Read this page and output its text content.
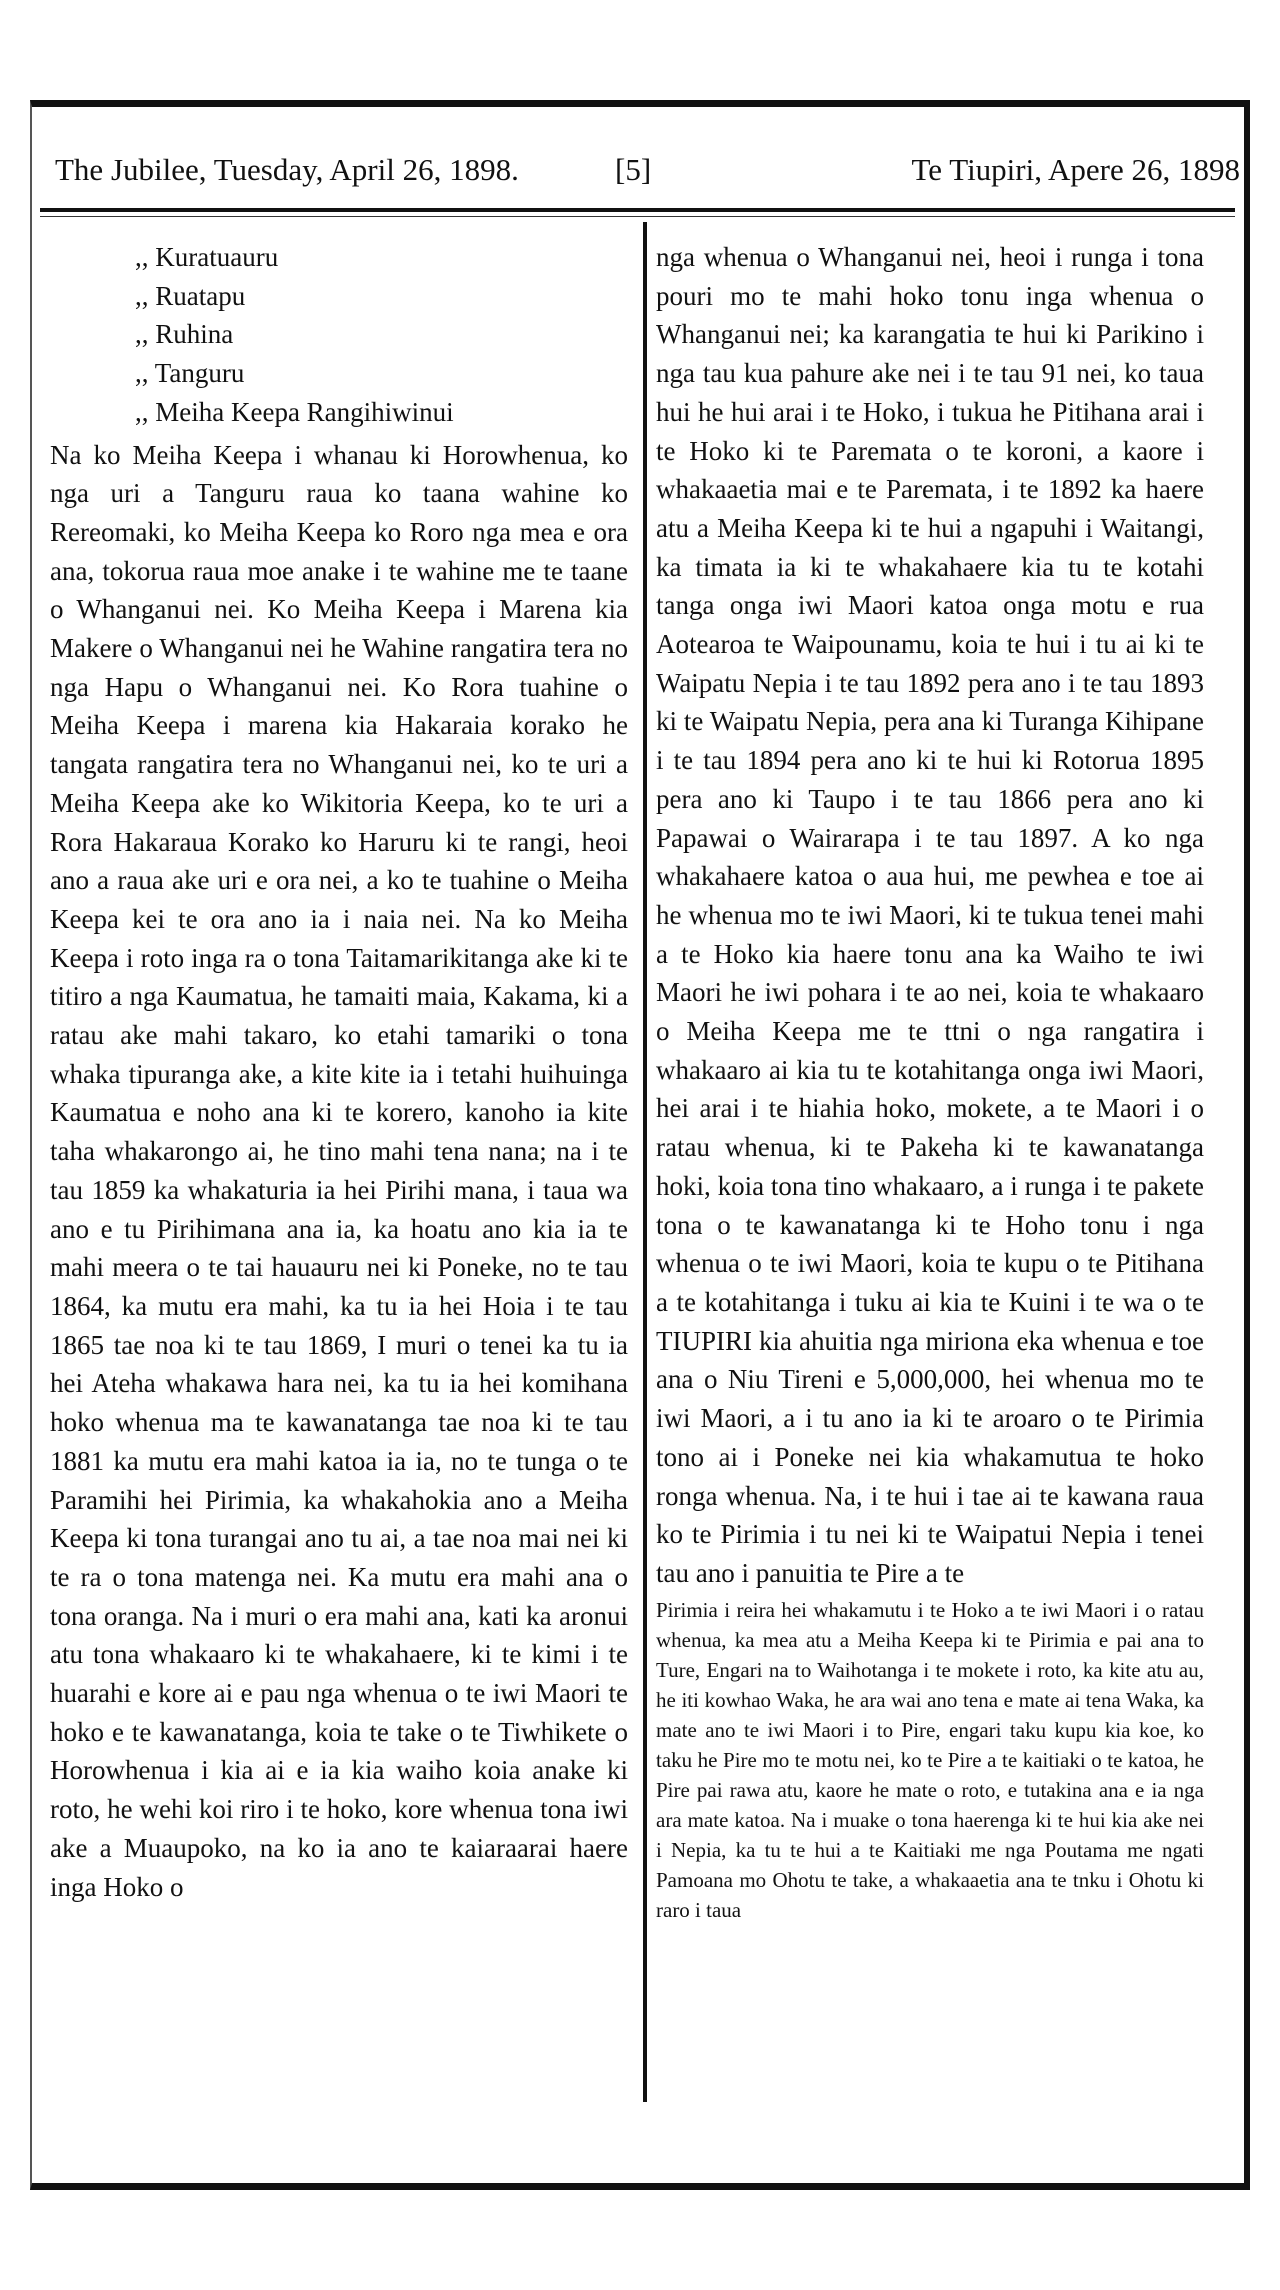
The Jubilee, Tuesday, April 26, 1898.	[5]	Te Tiupiri, Apere 26, 1898
,, Kuratuauru
,, Ruatapu
,, Ruhina
,, Tanguru
,, Meiha Keepa Rangihiwinui

Na ko Meiha Keepa i whanau ki Horowhenua, ko nga uri a Tanguru raua ko taana wahine ko Rereomaki, ko Meiha Keepa ko Roro nga mea e ora ana, tokorua raua moe anake i te wahine me te taane o Whanganui nei. Ko Meiha Keepa i Marena kia Makere o Whanganui nei he Wahine rangatira tera no nga Hapu o Whanganui nei. Ko Rora tuahine o Meiha Keepa i marena kia Hakaraia korako he tangata rangatira tera no Whanganui nei, ko te uri a Meiha Keepa ake ko Wikitoria Keepa, ko te uri a Rora Hakaraua Korako ko Haruru ki te rangi, heoi ano a raua ake uri e ora nei, a ko te tuahine o Meiha Keepa kei te ora ano ia i naia nei. Na ko Meiha Keepa i roto inga ra o tona Taitamarikitanga ake ki te titiro a nga Kaumatua, he tamaiti maia, Kakama, ki a ratau ake mahi takaro, ko etahi tamariki o tona whaka tipuranga ake, a kite kite ia i tetahi huihuinga Kaumatua e noho ana ki te korero, kanoho ia kite taha whakarongo ai, he tino mahi tena nana; na i te tau 1859 ka whakaturia ia hei Pirihi mana, i taua wa ano e tu Pirihimana ana ia, ka hoatu ano kia ia te mahi meera o te tai hauauru nei ki Poneke, no te tau 1864, ka mutu era mahi, ka tu ia hei Hoia i te tau 1865 tae noa ki te tau 1869, I muri o tenei ka tu ia hei Ateha whakawa hara nei, ka tu ia hei komihana hoko whenua ma te kawanatanga tae noa ki te tau 1881 ka mutu era mahi katoa ia ia, no te tunga o te Paramihi hei Pirimia, ka whakahokia ano a Meiha Keepa ki tona turangai ano tu ai, a tae noa mai nei ki te ra o tona matenga nei. Ka mutu era mahi ana o tona oranga. Na i muri o era mahi ana, kati ka aronui atu tona whakaaro ki te whakahaere, ki te kimi i te huarahi e kore ai e pau nga whenua o te iwi Maori te hoko e te kawanatanga, koia te take o te Tiwhikete o Horowhenua i kia ai e ia kia waiho koia anake ki roto, he wehi koi riro i te hoko, kore whenua tona iwi ake a Muaupoko, na ko ia ano te kaiaraarai haere inga Hoko o

nga whenua o Whanganui nei, heoi i runga i tona pouri mo te mahi hoko tonu inga whenua o Whanganui nei; ka karangatia te hui ki Parikino i nga tau kua pahure ake nei i te tau 91 nei, ko taua hui he hui arai i te Hoko, i tukua he Pitihana arai i te Hoko ki te Paremata o te koroni, a kaore i whakaaetia mai e te Paremata, i te 1892 ka haere atu a Meiha Keepa ki te hui a ngapuhi i Waitangi, ka timata ia ki te whakahaere kia tu te kotahi tanga onga iwi Maori katoa onga motu e rua Aotearoa te Waipounamu, koia te hui i tu ai ki te Waipatu Nepia i te tau 1892 pera ano i te tau 1893 ki te Waipatu Nepia, pera ana ki Turanga Kihipane i te tau 1894 pera ano ki te hui ki Rotorua 1895 pera ano ki Taupo i te tau 1866 pera ano ki Papawai o Wairarapa i te tau 1897. A ko nga whakahaere katoa o aua hui, me pewhea e toe ai he whenua mo te iwi Maori, ki te tukua tenei mahi a te Hoko kia haere tonu ana ka Waiho te iwi Maori he iwi pohara i te ao nei, koia te whakaaro o Meiha Keepa me te ttni o nga rangatira i whakaaro ai kia tu te kotahitanga onga iwi Maori, hei arai i te hiahia hoko, mokete, a te Maori i o ratau whenua, ki te Pakeha ki te kawanatanga hoki, koia tona tino whakaaro, a i runga i te pakete tona o te kawanatanga ki te Hoho tonu i nga whenua o te iwi Maori, koia te kupu o te Pitihana a te kotahitanga i tuku ai kia te Kuini i te wa o te TIUPIRI kia ahuitia nga miriona eka whenua e toe ana o Niu Tireni e 5,000,000, hei whenua mo te iwi Maori, a i tu ano ia ki te aroaro o te Pirimia tono ai i Poneke nei kia whakamutua te hoko ronga whenua. Na, i te hui i tae ai te kawana raua ko te Pirimia i tu nei ki te Waipatui Nepia i tenei tau ano i panuitia te Pire a te

Pirimia i reira hei whakamutu i te Hoko a te iwi Maori i o ratau whenua, ka mea atu a Meiha Keepa ki te Pirimia e pai ana to Ture, Engari na to Waihotanga i te mokete i roto, ka kite atu au, he iti kowhao Waka, he ara wai ano tena e mate ai tena Waka, ka mate ano te iwi Maori i to Pire, engari taku kupu kia koe, ko taku he Pire mo te motu nei, ko te Pire a te kaitiaki o te katoa, he Pire pai rawa atu, kaore he mate o roto, e tutakina ana e ia nga ara mate katoa. Na i muake o tona haerenga ki te hui kia ake nei i Nepia, ka tu te hui a te Kaitiaki me nga Poutama me ngati Pamoana mo Ohotu te take, a whakaaetia ana te tnku i Ohotu ki raro i taua
